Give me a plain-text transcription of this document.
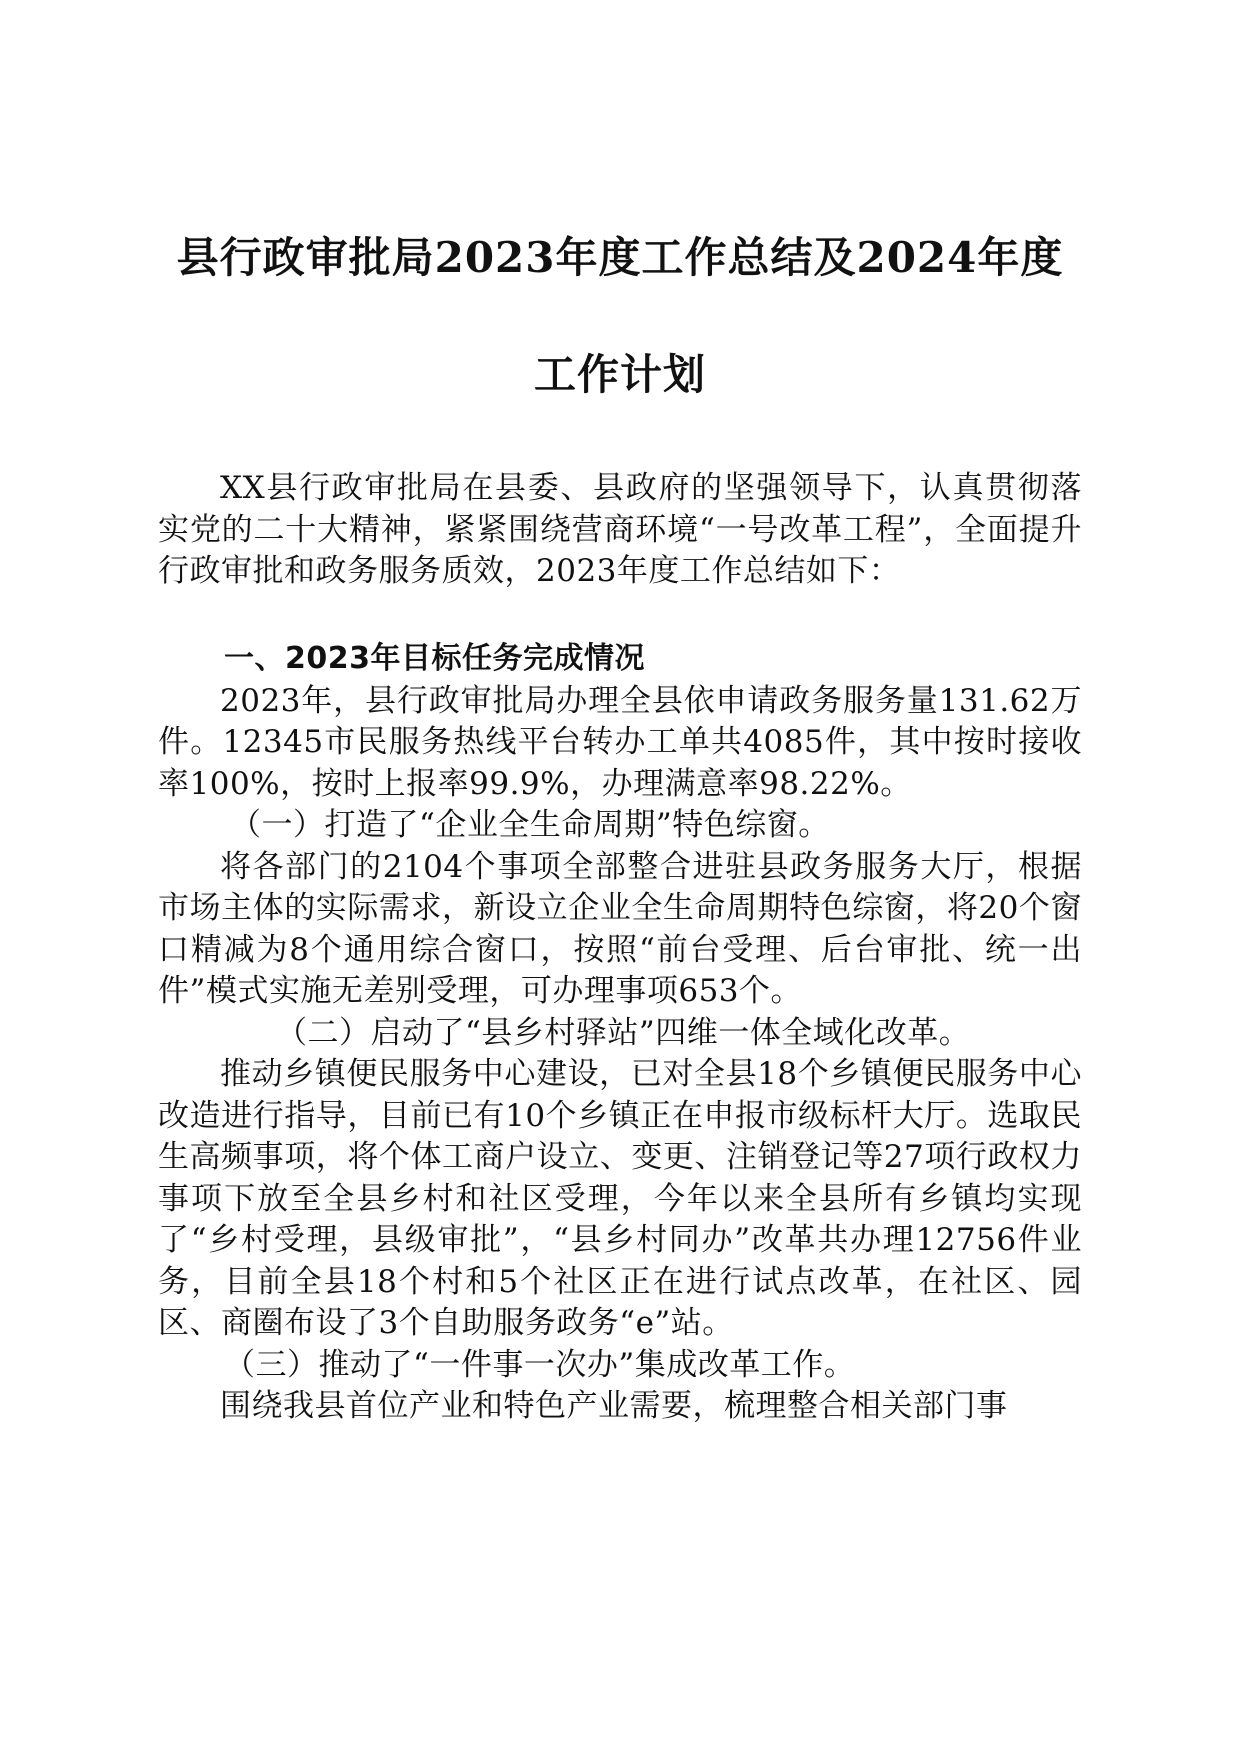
县行政审批局2023年度工作总结及2024年度
工作计划

XX县行政审批局在县委、县政府的坚强领导下，认真贯彻落实党的二十大精神，紧紧围绕营商环境“一号改革工程”，全面提升行政审批和政务服务质效，2023年度工作总结如下：

一、2023年目标任务完成情况

2023年，县行政审批局办理全县依申请政务服务量131.62万件。12345市民服务热线平台转办工单共4085件，其中按时接收率100%，按时上报率99.9%，办理满意率98.22%。

（一）打造了“企业全生命周期”特色综窗。

将各部门的2104个事项全部整合进驻县政务服务大厅，根据市场主体的实际需求，新设立企业全生命周期特色综窗，将20个窗口精减为8个通用综合窗口，按照“前台受理、后台审批、统一出件”模式实施无差别受理，可办理事项653个。

（二）启动了“县乡村驿站”四维一体全域化改革。

推动乡镇便民服务中心建设，已对全县18个乡镇便民服务中心改造进行指导，目前已有10个乡镇正在申报市级标杆大厅。选取民生高频事项，将个体工商户设立、变更、注销登记等27项行政权力事项下放至全县乡村和社区受理，今年以来全县所有乡镇均实现了“乡村受理，县级审批”，“县乡村同办”改革共办理12756件业务，目前全县18个村和5个社区正在进行试点改革，在社区、园区、商圈布设了3个自助服务政务“e”站。

（三）推动了“一件事一次办”集成改革工作。

围绕我县首位产业和特色产业需要，梳理整合相关部门事
